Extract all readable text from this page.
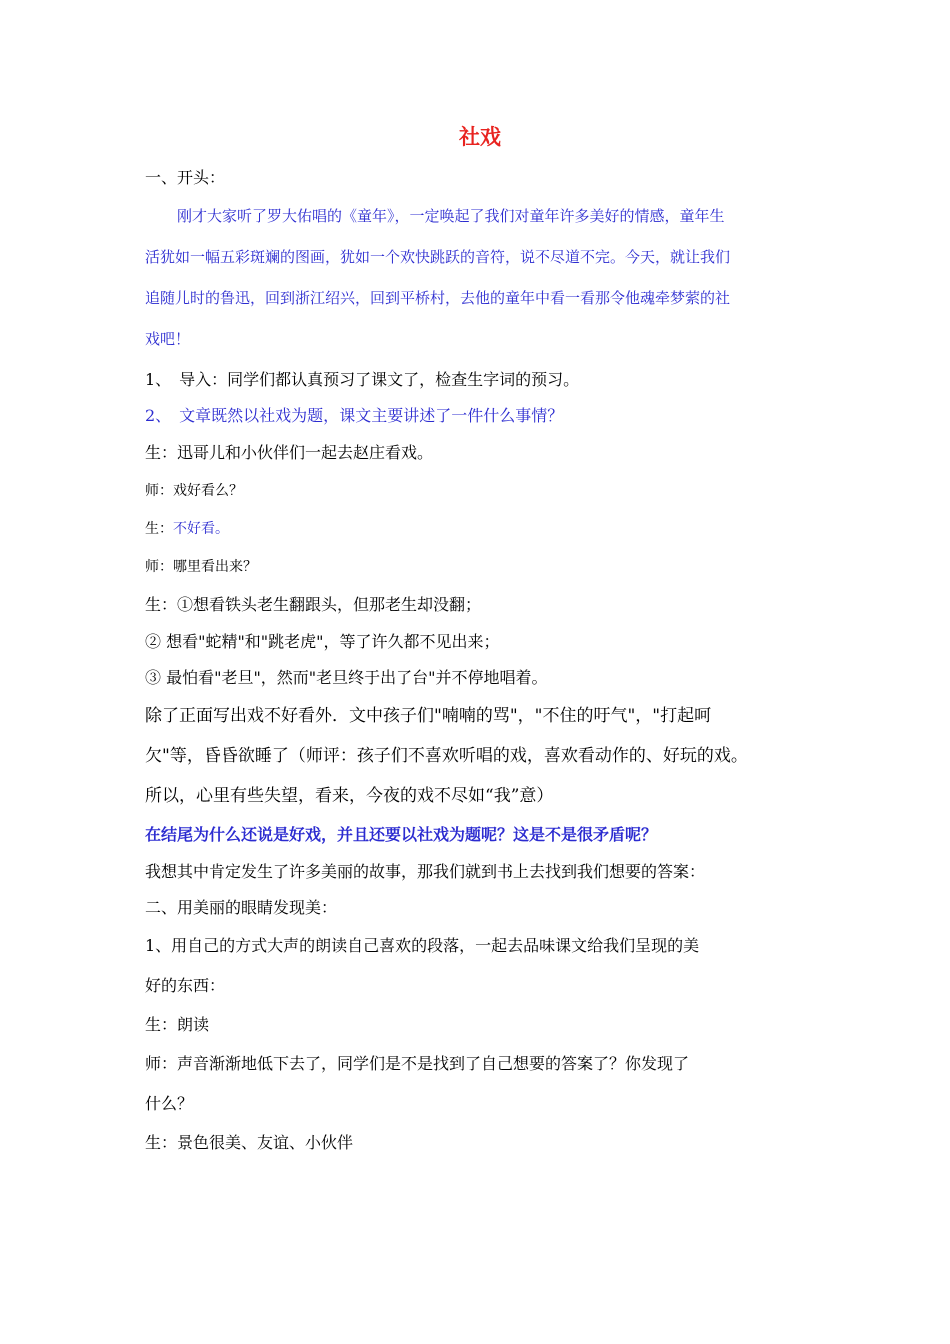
社戏

一、开头：

刚才大家听了罗大佑唱的《童年》，一定唤起了我们对童年许多美好的情感，童年生

活犹如一幅五彩斑斓的图画，犹如一个欢快跳跃的音符，说不尽道不完。今天，就让我们

追随儿时的鲁迅，回到浙江绍兴，回到平桥村，去他的童年中看一看那令他魂牵梦萦的社

戏吧！

1、　导入：同学们都认真预习了课文了，检查生字词的预习。

2、　文章既然以社戏为题，课文主要讲述了一件什么事情？

生：迅哥儿和小伙伴们一起去赵庄看戏。

师：戏好看么？

生：不好看。

师：哪里看出来？

生：①想看铁头老生翻跟头，但那老生却没翻；

② 想看"蛇精"和"跳老虎"，等了许久都不见出来；

③ 最怕看"老旦"，然而"老旦终于出了台"并不停地唱着。

除了正面写出戏不好看外．文中孩子们"喃喃的骂"，"不住的吁气"，"打起呵

欠"等，昏昏欲睡了（师评：孩子们不喜欢听唱的戏，喜欢看动作的、好玩的戏。

所以，心里有些失望，看来，今夜的戏不尽如“我”意）

在结尾为什么还说是好戏，并且还要以社戏为题呢？这是不是很矛盾呢？

我想其中肯定发生了许多美丽的故事，那我们就到书上去找到我们想要的答案：

二、用美丽的眼睛发现美：

1、用自己的方式大声的朗读自己喜欢的段落，一起去品味课文给我们呈现的美

好的东西：

生：朗读

师：声音渐渐地低下去了，同学们是不是找到了自己想要的答案了？你发现了

什么？

生：景色很美、友谊、小伙伴
